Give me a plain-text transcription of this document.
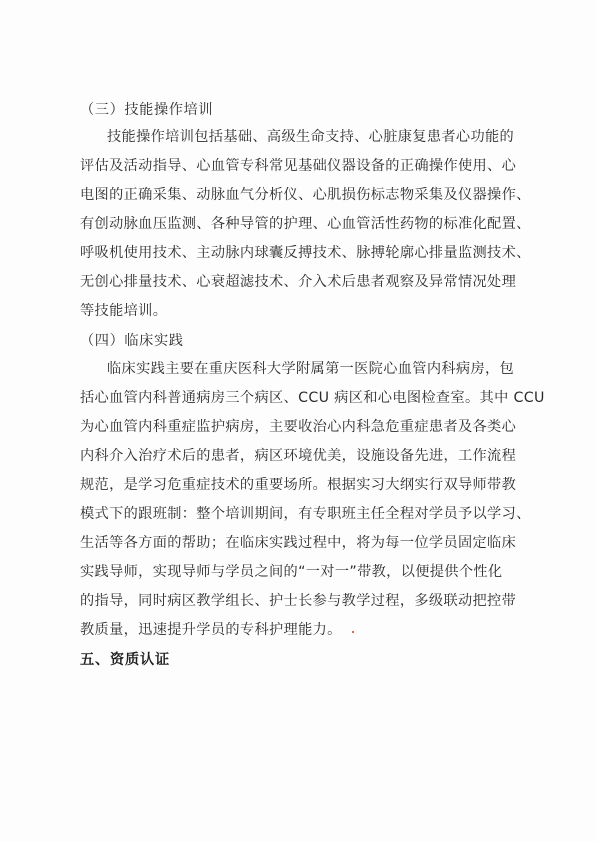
（三）技能操作培训
技能操作培训包括基础、高级生命支持、心脏康复患者心功能的
评估及活动指导、心血管专科常见基础仪器设备的正确操作使用、心
电图的正确采集、动脉血气分析仪、心肌损伤标志物采集及仪器操作、
有创动脉血压监测、各种导管的护理、心血管活性药物的标准化配置、
呼吸机使用技术、主动脉内球囊反搏技术、脉搏轮廓心排量监测技术、
无创心排量技术、心衰超滤技术、介入术后患者观察及异常情况处理
等技能培训。
（四）临床实践
临床实践主要在重庆医科大学附属第一医院心血管内科病房，包
括心血管内科普通病房三个病区、CCU 病区和心电图检查室。其中 CCU
为心血管内科重症监护病房，主要收治心内科急危重症患者及各类心
内科介入治疗术后的患者，病区环境优美，设施设备先进，工作流程
规范，是学习危重症技术的重要场所。根据实习大纲实行双导师带教
模式下的跟班制：整个培训期间，有专职班主任全程对学员予以学习、
生活等各方面的帮助；在临床实践过程中，将为每一位学员固定临床
实践导师，实现导师与学员之间的“一对一”带教，以便提供个性化
的指导，同时病区教学组长、护士长参与教学过程，多级联动把控带
教质量，迅速提升学员的专科护理能力。
五、资质认证
